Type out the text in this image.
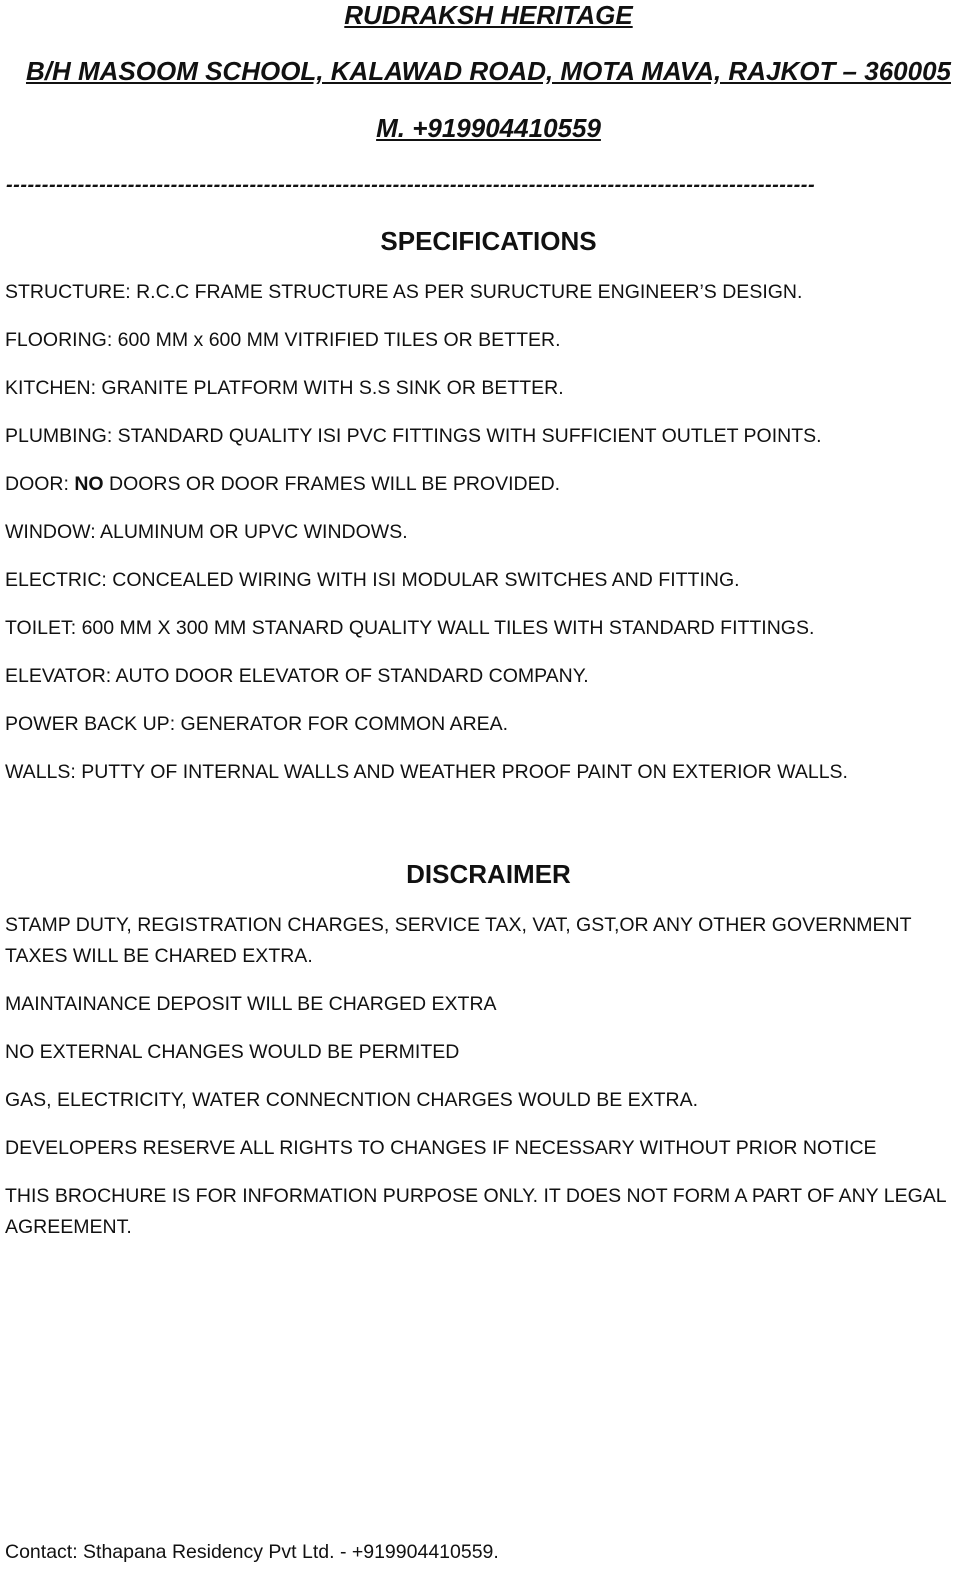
RUDRAKSH HERITAGE
B/H MASOOM SCHOOL, KALAWAD ROAD, MOTA MAVA, RAJKOT – 360005
M. +919904410559
-----------------------------------------------------------------------------------------------------------------
SPECIFICATIONS
STRUCTURE: R.C.C FRAME STRUCTURE AS PER SURUCTURE ENGINEER’S DESIGN.
FLOORING: 600 MM x 600 MM VITRIFIED TILES OR BETTER.
KITCHEN: GRANITE PLATFORM WITH S.S SINK OR BETTER.
PLUMBING: STANDARD QUALITY ISI PVC FITTINGS WITH SUFFICIENT OUTLET POINTS.
DOOR: NO DOORS OR DOOR FRAMES WILL BE PROVIDED.
WINDOW: ALUMINUM OR UPVC WINDOWS.
ELECTRIC: CONCEALED WIRING WITH ISI MODULAR SWITCHES AND FITTING.
TOILET: 600 MM X 300 MM STANARD QUALITY WALL TILES WITH STANDARD FITTINGS.
ELEVATOR: AUTO DOOR ELEVATOR OF STANDARD COMPANY.
POWER BACK UP: GENERATOR FOR COMMON AREA.
WALLS: PUTTY OF INTERNAL WALLS AND WEATHER PROOF PAINT ON EXTERIOR WALLS.
DISCRAIMER
STAMP DUTY, REGISTRATION CHARGES, SERVICE TAX, VAT, GST,OR ANY OTHER GOVERNMENT TAXES WILL BE CHARED EXTRA.
MAINTAINANCE DEPOSIT WILL BE CHARGED EXTRA
NO EXTERNAL CHANGES WOULD BE PERMITED
GAS, ELECTRICITY, WATER CONNECNTION CHARGES WOULD BE EXTRA.
DEVELOPERS RESERVE ALL RIGHTS TO CHANGES IF NECESSARY WITHOUT PRIOR NOTICE
THIS BROCHURE IS FOR INFORMATION PURPOSE ONLY. IT DOES NOT FORM A PART OF ANY LEGAL AGREEMENT.
Contact: Sthapana Residency Pvt Ltd. - +919904410559.
